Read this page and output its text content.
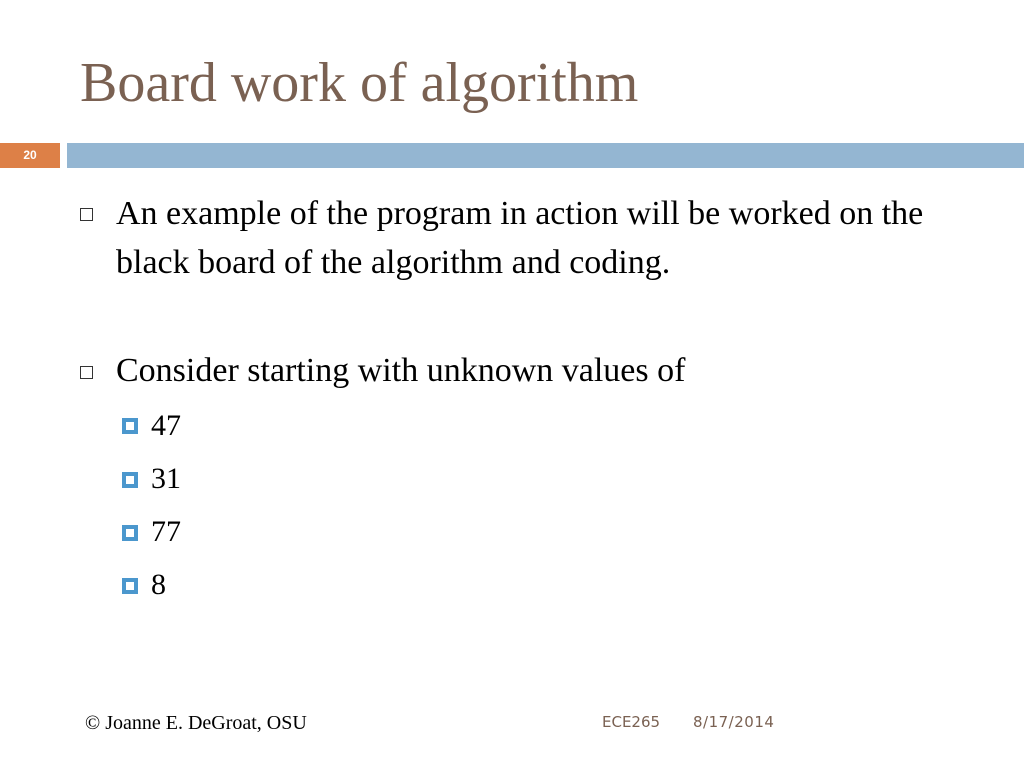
Board work of algorithm
20
An example of the program in action will be worked on the black board of the algorithm and coding.
Consider starting with unknown values of
47
31
77
8
© Joanne E. DeGroat, OSU	ECE265 8/17/2014
